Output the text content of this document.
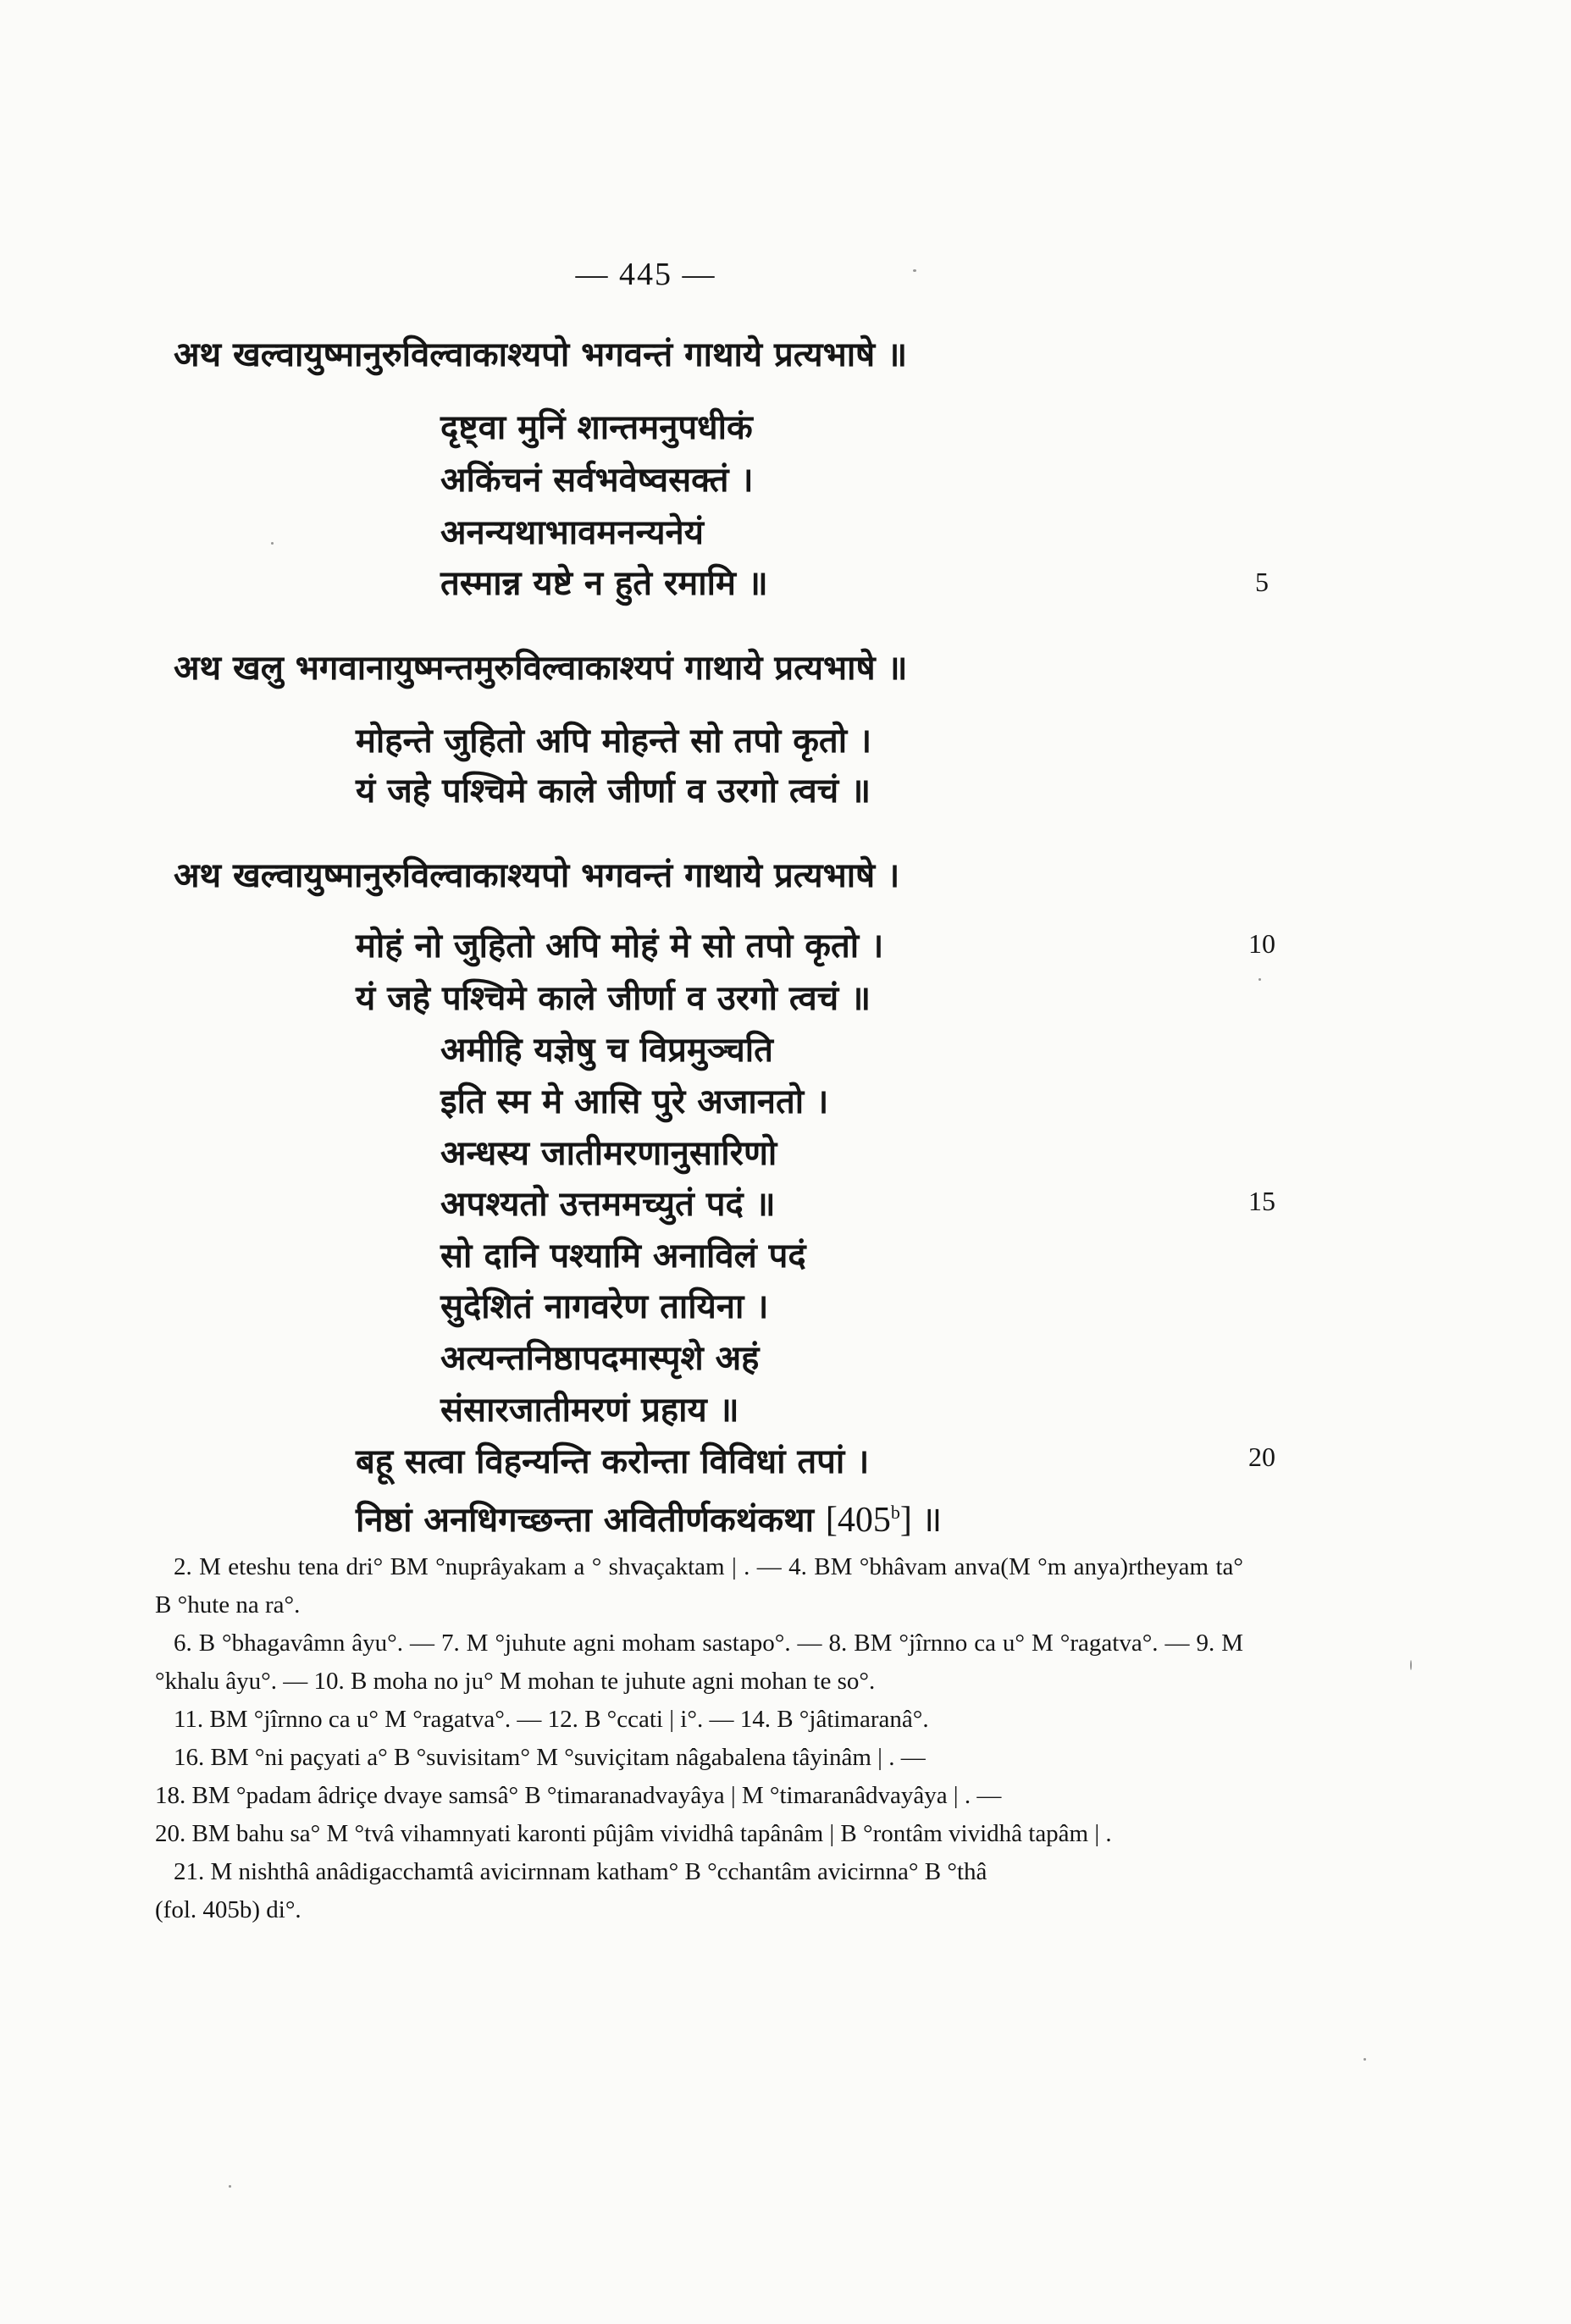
— 445 —
अथ खल्वायुष्मानुरुविल्वाकाश्यपो भगवन्तं गाथाये प्रत्यभाषे ॥
दृष्ट्वा मुनिं शान्तमनुपधीकं
अकिंचनं सर्वभवेष्वसक्तं ।
अनन्यथाभावमनन्यनेयं
तस्मान्न यष्टे न हुते रमामि ॥	5
अथ खलु भगवानायुष्मन्तमुरुविल्वाकाश्यपं गाथाये प्रत्यभाषे ॥
मोहन्ते जुहितो अपि मोहन्ते सो तपो कृतो ।
यं जहे पश्चिमे काले जीर्णा व उरगो त्वचं ॥
अथ खल्वायुष्मानुरुविल्वाकाश्यपो भगवन्तं गाथाये प्रत्यभाषे ।
मोहं नो जुहितो अपि मोहं मे सो तपो कृतो ।	10
यं जहे पश्चिमे काले जीर्णा व उरगो त्वचं ॥
अमीहि यज्ञेषु च विप्रमुञ्चति
इति स्म मे आसि पुरे अजानतो ।
अन्धस्य जातीमरणानुसारिणो
अपश्यतो उत्तममच्युतं पदं ॥	15
सो दानि पश्यामि अनाविलं पदं
सुदेशितं नागवरेण तायिना ।
अत्यन्तनिष्ठापदमास्पृशे अहं
संसारजातीमरणं प्रहाय ॥
बहू सत्वा विहन्यन्ति करोन्ता विविधां तपां ।	20
निष्ठां अनधिगच्छन्ता अवितीर्णकथंकथा [405$^b$] ॥

2. M eteshu tena dri° BM °nuprâyakam a ° shvaçaktam | . — 4. BM °bhâvam anva(M °m anya)rtheyam ta° B °hute na ra°.

6. B °bhagavâmn âyu°. — 7. M °juhute agni moham sastapo°. — 8. BM °jîrnno ca u° M °ragatva°. — 9. M °khalu âyu°. — 10. B moha no ju° M mohan te juhute agni mohan te so°.

11. BM °jîrnno ca u° M °ragatva°. — 12. B °ccati | i°. — 14. B °jâtimaranâ°.

16. BM °ni paçyati a° B °suvisitam° M °suviçitam nâgabalena tâyinâm | . —

18. BM °padam âdriçe dvaye samsâ° B °timaranadvayâya | M °timaranâdvayâya | . —

20. BM bahu sa° M °tvâ vihamnyati karonti pûjâm vividhâ tapânâm | B °rontâm vividhâ tapâm | .

21. M nishthâ anâdigacchamtâ avicirnnam katham° B °cchantâm avicirnna° B °thâ

(fol. 405b) di°.
